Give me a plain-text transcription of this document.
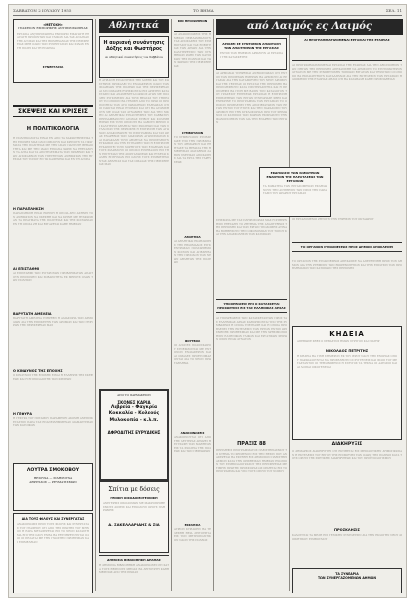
ΣΑΒΒΑΤΟΝ 2 ΙΟΥΛΙΟΥ 1955	ΤΟ ΒΗΜΑ	ΣΕΛ. 11
«ΜΕΤΟΧΗ»
ΓΡΑΦΕΙΟΝ ΕΜΠΟΡΙΚΗΣ ΑΝΤΙΠΡΟΣΩΠΕΙΑΣ
ΕΡΓΑΣΙΑ ΑΝΤΙΠΡΟΣΩΠΕΙΑ ΕΜΠΟΡΙΟ ΕΙΣΑΓΩΓΗ ΕΞΑΓΩΓΗ ΠΡΟΪΟΝΤΩΝ ΚΑΙ ΥΛΙΚΩΝ ΔΙΑ ΤΑΣ ΑΝΑΓΚΑΣ ΤΗΣ ΑΓΟΡΑΣ ΚΑΙ ΤΗΣ ΒΙΟΜΗΧΑΝΙΑΣ ΤΗΣ ΠΕΡΙΦΕΡΕΙΑΣ ΜΕΘ ΟΛΩΝ ΤΩΝ ΣΥΝΕΡΓΑΤΩΝ ΚΑΙ ΦΙΛΩΝ ΕΝ ΤΗ ΠΟΛΕΙ ΚΑΙ ΤΗ ΕΠΑΡΧΙΑ
ΣΥΝΕΡΓΑΣΙΑ
ΣΚΕΨΕΙΣ ΚΑΙ ΚΡΙΣΕΙΣ
Η ΠΟΛΙΤΙΚΟΛΟΓΙΑ
Η ΠΟΛΙΤΙΚΟΛΟΓΙΑ ΕΙΝΑΙ ΕΝ ΑΠΟ ΤΑ ΧΑΡΑΚΤΗΡΙΣΤΙΚΑ ΤΗΣ ΕΠΟΧΗΣ ΜΑΣ ΟΛΟΙ ΟΜΙΛΟΥΝ ΚΑΙ ΚΡΙΝΟΥΝ ΤΑ ΠΡΑΓΜΑΤΑ ΤΗΣ ΠΟΛΙΤΕΙΑΣ ΜΕ ΤΗΝ ΙΔΙΑΝ ΠΑΝΤΟΤΕ ΒΕΒΑΙΟΤΗΤΑ ΚΑΙ ΜΕ ΤΗΝ ΙΔΙΑΝ ΕΥΚΟΛΙΑ ΧΩΡΙΣ ΝΑ ΕΞΕΤΑΖΟΥΝ ΤΑ ΑΙΤΙΑ ΚΑΙ ΤΑ ΑΠΟΤΕΛΕΣΜΑΤΑ ΤΩΝ ΠΡΑΞΕΩΝ ΚΑΙ ΤΩΝ ΑΠΟΦΑΣΕΩΝ ΤΩΝ ΥΠΕΥΘΥΝΩΝ ΑΝΘΡΩΠΩΝ ΤΗΣ ΗΓΕΣΙΑΣ ΤΟΥ ΤΟΠΟΥ ΕΝ ΤΩ ΚΑΦΕΝΕΙΩ ΚΑΙ ΕΝ ΤΗ ΑΓΟΡΑ
Η ΠΑΡΑΠΛΗΚΣΗ
ΠΑΡΑΠΛΗΚΣΗ ΕΙΝΑΙ ΕΚΕΙΝΗ Η ΟΠΟΙΑ ΔΕΝ ΑΦΗΝΕΙ ΤΟΝ ΑΝΘΡΩΠΟΝ ΝΑ ΣΚΕΦΘΗ ΚΑΙ ΝΑ ΚΡΙΝΗ ΜΕ ΨΥΧΡΑΙΜΙΑΝ ΤΑ ΠΡΑΓΜΑΤΑ ΤΗΣ ΠΟΛΙΤΕΙΑΣ ΚΑΙ ΤΗΣ ΚΟΙΝΩΝΙΑΣ ΕΝ ΤΗ ΟΠΟΙΑ ΖΗ ΚΑΙ ΕΡΓΑΖΕΤΑΙ ΚΑΘΕ ΗΜΕΡΑΝ
ΑΙ ΕΠΙΣΤΑΘΜΙ
ΑΙ ΕΠΙΣΤΑΘΜΙ ΤΩΝ ΣΥΓΧΡΟΝΩΝ ΠΡΟΒΛΗΜΑΤΩΝ ΑΠΑΙΤΟΥΝ ΠΡΟΣΟΧΗΝ ΚΑΙ ΣΟΒΑΡΟΤΗΤΑ ΕΚ ΜΕΡΟΥΣ ΟΛΩΝ ΤΩΝ ΠΟΛΙΤΩΝ
ΒΑΡΥΤΑΤΗ ΑΜΕΛΕΙΑ
ΒΑΡΥΤΑΤΗ ΑΜΕΛΕΙΑ ΥΠΗΡΞΕΝ Η ΑΔΙΑΦΟΡΙΑ ΤΩΝ ΑΡΜΟΔΙΩΝ ΔΙΑ ΤΗΝ ΕΠΙΣΚΕΥΗΝ ΤΩΝ ΔΡΟΜΩΝ ΚΑΙ ΤΩΝ ΓΕΦΥΡΩΝ ΤΗΣ ΠΕΡΙΦΕΡΕΙΑΣ ΜΑΣ
Ο ΚΙΝΔΥΝΟΣ ΤΗΣ ΕΠΟΧΗΣ
Ο ΚΙΝΔΥΝΟΣ ΤΗΣ ΕΠΟΧΗΣ ΕΙΝΑΙ Η ΕΛΛΕΙΨΙΣ ΤΗΣ ΣΚΕΨΕΩΣ ΚΑΙ Η ΕΠΙΠΟΛΑΙΟΤΗΣ ΤΩΝ ΚΡΙΣΕΩΝ
Η ΓΕΦΥΡΑ
Η ΓΕΦΥΡΑ ΤΟΥ ΠΟΤΑΜΟΥ ΠΑΡΑΜΕΝΕΙ ΑΚΟΜΗ ΑΝΕΠΙΣΚΕΥΑΣΤΟΣ ΠΑΡΑ ΤΑΣ ΕΠΑΝΕΙΛΗΜΜΕΝΑΣ ΔΙΑΜΑΡΤΥΡΙΑΣ ΤΩΝ ΚΑΤΟΙΚΩΝ
ΛΟΥΤΡΑ ΣΜΟΚΟΒΟΥ
ΘΕΙΟΥΧΑ — ΣΙΔΗΡΟΥΧΑ
ΑΘΡΙΤΙΔΟΣ — ΡΕΥΜΑΤΙΣΜΩΝ
ΔΙΑ ΤΟΥΣ ΦΙΛΟΥΣ ΚΑΙ ΣΥΝΕΡΓΑΤΑΣ
ΑΝΑΚΟΙΝΩΣΙΣ ΠΡΟΣ ΤΟΥΣ ΦΙΛΟΥΣ ΚΑΙ ΣΥΝΕΡΓΑΤΑΣ ΤΟΥ ΓΡΑΦΕΙΟΥ ΟΤΙ ΑΠΟ ΤΗΣ ΠΡΩΤΗΣ ΤΟΥ ΜΗΝΟΣ Η ΕΔΡΑ ΜΕΤΑΦΕΡΕΤΑΙ ΕΙΣ ΤΟ ΝΕΟΝ ΚΑΤΑΣΤΗΜΑ ΕΠΙ ΤΗΣ ΟΔΟΥ ΕΝΘΑ ΘΑ ΕΞΥΠΗΡΕΤΟΥΝΤΑΙ ΟΛΟΙ ΟΙ ΠΕΛΑΤΑΙ ΜΕ ΤΗΝ ΓΝΩΣΤΗΝ ΠΡΟΘΥΜΙΑΝ ΚΑΙ ΕΠΙΜΕΛΕΙΑΝ
Αθλητικά
Η αυριανή συνάντησις Δόξης και Φωστήρος
Αι αθλητικαί συναντήσεις του Σαββάτου
Η ΑΥΡΙΑΝΗ ΣΥΝΑΝΤΗΣΙΣ ΤΗΣ ΔΟΞΗΣ ΚΑΙ ΤΟΥ ΦΩΣΤΗΡΟΣ ΠΡΟΚΑΛΕΙ ΤΟ ΕΝΔΙΑΦΕΡΟΝ ΟΛΩΝ ΤΩΝ ΦΙΛΑΘΛΩΝ ΤΗΣ ΠΟΛΕΩΣ ΚΑΙ ΤΗΣ ΠΕΡΙΦΕΡΕΙΑΣ ΑΙ ΔΥΟ ΟΜΑΔΕΣ ΕΥΡΙΣΚΟΝΤΑΙ ΕΙΣ ΑΡΙΣΤΗΝ ΚΑΤΑΣΤΑΣΙΝ ΚΑΙ ΑΝΑΜΕΝΕΤΑΙ ΩΡΑΙΟΣ ΑΓΩΝ ΜΕ ΠΟΛΛΗΝ ΣΥΓΚΙΝΗΣΙΝ ΔΙΑ ΤΟΥΣ ΘΕΑΤΑΣ ΤΟΥ ΓΗΠΕΔΟΥ ΤΟ ΟΠΟΙΟΝ ΘΑ ΓΕΜΙΣΗ ΑΠΟ ΤΟ ΠΡΩΙ ΟΙ ΠΡΟΠΟΝΗΤΑΙ ΤΩΝ ΔΥΟ ΣΩΜΑΤΕΙΩΝ ΕΔΗΛΩΣΑΝ ΟΤΙ ΟΙ ΠΑΙΚΤΑΙ ΕΙΝΑΙ ΕΤΟΙΜΟΙ ΚΑΙ ΟΤΙ ΘΑ ΑΓΩΝΙΣΘΟΥΝ ΜΕ ΟΛΑΣ ΤΑΣ ΔΥΝΑΜΕΙΣ ΤΩΝ ΔΙΑ ΤΗΝ ΝΙΚΗΝ ΑΙ ΑΘΛΗΤΙΚΑΙ ΣΥΝΑΝΤΗΣΕΙΣ ΤΟΥ ΣΑΒΒΑΤΟΥ ΠΕΡΙΛΑΜΒΑΝΟΥΝ ΑΓΩΝΑΣ ΣΤΙΒΟΥ ΚΑΙ ΚΟΛΥΜΒΗΣΕΩΣ ΕΙΣ ΤΟΥΣ ΟΠΟΙΟΥΣ ΘΑ ΛΑΒΟΥΝ ΜΕΡΟΣ ΟΙ ΚΑΛΥΤΕΡΟΙ ΑΘΛΗΤΑΙ ΤΩΝ ΣΧΟΛΕΙΩΝ ΚΑΙ ΤΩΝ ΣΥΛΛΟΓΩΝ ΤΗΣ ΠΕΡΙΟΧΗΣ Η ΕΠΙΤΡΟΠΗ ΤΩΝ ΑΓΩΝΩΝ ΑΝΑΚΟΙΝΩΝΕΙ ΤΟ ΠΡΟΓΡΑΜΜΑ ΚΑΙ ΤΑΣ ΩΡΑΣ ΕΝΑΡΞΕΩΣ ΤΩΝ ΔΙΑΦΟΡΩΝ ΑΓΩΝΙΣΜΑΤΩΝ ΚΑΙ ΠΑΡΑΚΑΛΕΙ ΤΟΥΣ ΑΘΛΗΤΑΣ ΝΑ ΠΡΟΣΕΛΘΟΥΝ ΕΓΚΑΙΡΩΣ ΔΙΑ ΤΗΝ ΕΓΓΡΑΦΗΝ ΤΩΝ Η ΕΠΙΤΡΟΠΗ ΕΥΧΑΡΙΣΤΕΙ ΤΟΥΣ ΧΟΡΗΓΟΥΣ ΤΩΝ ΕΠΑΘΛΩΝ ΚΑΙ ΤΟΥΣ ΦΙΛΑΘΛΟΥΣ ΟΙ ΟΠΟΙΟΙ ΣΥΝΕΒΑΛΟΝ ΕΙΣ ΤΗΝ ΕΠΙΤΥΧΙΑΝ ΤΗΣ ΔΙΟΡΓΑΝΩΣΕΩΣ ΚΑΙ ΕΥΧΕΤΑΙ ΚΑΛΗΝ ΕΠΙΤΥΧΙΑΝ ΕΙΣ ΟΛΟΥΣ ΤΟΥΣ ΣΥΜΜΕΤΕΧΟΝΤΑΣ ΑΘΛΗΤΑΣ ΚΑΙ ΤΑΣ ΟΜΑΔΑΣ ΤΗΣ ΠΕΡΙΦΕΡΕΙΑΣ ΜΑΣ
ΑΠΟ ΤΟ ΦΑΡΜΑΚΕΙΟΝ
ΣΚΟΝΕΣ ΚΑΡΙΑ
Λιβρεία - Φαγκρία
Κοκκαλία - Κολεούς
Μυλοκοπία - κ.λ.π.
ΑΦΡΟΔΙΤΗΣ ΕΥΡΥΔΙΚΗΣ
Σπίτια με δόσεις
ΓΕΝΙΚΗ ΟΙΚΟΔΟΜΟΤΕΧΝΙΚΗ
ΑΝΕΓΕΡΣΙΣ ΟΙΚΟΔΟΜΩΝ ΜΕ ΜΑΚΡΟΠΡΟΘΕΣΜΟΥΣ ΔΟΣΕΙΣ ΚΑΙ ΕΥΚΟΛΟΥΣ ΟΡΟΥΣ ΠΛΗΡΩΜΗΣ
Δ. ΣΑΚΕΛΛΑΡΙΔΗΣ & ΣΙΑ
ΔΗΜΟΣΙΑ ΒΙΒΛΙΟΘΗΚΗ ΔΡΑΜΑΣ
Η ΔΗΜΟΣΙΑ ΒΙΒΛΙΟΘΗΚΗ ΑΝΑΚΟΙΝΩΝΕΙ ΟΤΙ ΚΑΤΑ ΤΟΥΣ ΘΕΡΙΝΟΥΣ ΜΗΝΑΣ ΘΑ ΛΕΙΤΟΥΡΓΗ ΚΑΘΗΜΕΡΙΝΩΣ ΑΠΟ ΤΗΣ ΠΡΩΙΑΣ
ΚΙΝ ΠΡΟΣΩΠΕΙΟΝ
ΑΙ ΑΝΑΚΟΙΝΩΣΕΙΣ ΤΗΣ ΗΜΕΡΑΣ ΠΕΡΙΛΑΜΒΑΝΟΥΝ ΤΑΣ ΑΠΟΦΑΣΕΙΣ ΤΟΥ ΣΥΜΒΟΥΛΙΟΥ ΚΑΙ ΤΑΣ ΕΝΕΡΓΕΙΑΣ ΤΩΝ ΑΡΧΩΝ ΔΙΑ ΤΗΝ ΚΑΛΥΤΕΡΕΥΣΙΝ ΤΩΝ ΣΥΝΘΗΚΩΝ ΖΩΗΣ ΤΩΝ ΚΑΤΟΙΚΩΝ ΤΗΣ ΠΟΛΕΩΣ ΚΑΙ ΤΩΝ ΧΩΡΙΩΝ ΤΗΣ ΠΕΡΙΦΕΡΕΙΑΣ
ΣΥΜΒΟΥΛΙΟΝ
ΤΟ ΣΥΜΒΟΥΛΙΟΝ ΣΥΝΕΔΡΙΑΣΕ ΥΠΟ ΤΗΝ ΠΡΟΕΔΡΙΑΝ ΤΟΥ ΔΗΜΑΡΧΟΥ ΚΑΙ ΕΞΗΤΑΣΕ ΤΑ ΘΕΜΑΤΑ ΤΗΣ ΗΜΕΡΗΣΙΑΣ ΔΙΑΤΑΞΕΩΣ ΛΑΒΟΝ ΣΧΕΤΙΚΑΣ ΑΠΟΦΑΣΕΙΣ ΔΙΑ ΤΑ ΕΡΓΑ ΤΗΣ ΥΔΡΕΥΣΕΩΣ
ΑΘΛΗΤΙΚΑ
ΑΙ ΑΘΛΗΤΙΚΑΙ ΕΚΔΗΛΩΣΕΙΣ ΤΗΣ ΕΒΔΟΜΑΔΟΣ ΣΥΓΚΕΝΤΡΩΣΑΝ ΠΟΛΥΑΡΙΘΜΟΝ ΚΟΙΝΟΝ ΚΑΙ ΑΠΕΔΕΙΞΑΝ ΤΗΝ ΠΡΟΟΔΟΝ ΤΩΝ ΝΕΩΝ ΑΘΛΗΤΩΝ ΤΗΣ ΠΟΛΕΩΣ
ΦΟΥΤΒΟΛ
ΟΙ ΑΓΩΝΕΣ ΠΟΔΟΣΦΑΙΡΟΥ ΣΥΝΕΧΙΖΟΝΤΑΙ ΜΕ ΕΝΤΟΝΟΝ ΕΝΔΙΑΦΕΡΟΝ ΚΑΙ ΑΙ ΟΜΑΔΕΣ ΠΡΟΕΤΟΙΜΑΖΟΝΤΑΙ ΔΙΑ ΤΟ ΝΕΟΝ ΠΡΩΤΑΘΛΗΜΑ
ΑΝΑΚΟΙΝΩΣΕΙΣ
ΑΝΑΚΟΙΝΟΥΤΑΙ ΟΤΙ ΑΠΟ ΤΗΣ ΔΕΥΤΕΡΑΣ ΑΡΧΙΖΕΙ Η ΕΓΓΡΑΦΗ ΤΩΝ ΜΑΘΗΤΩΝ ΕΙΣ ΤΑ ΣΧΟΛΕΙΑ ΤΗΣ ΠΟΛΕΩΣ ΚΑΙ ΤΩΝ ΠΕΡΙΧΩΡΩΝ
ΕΚΚΛΗΣΙΑ
ΑΥΡΙΟΝ ΚΥΡΙΑΚΗΝ ΘΑ ΤΕΛΕΣΘΗ ΘΕΙΑ ΛΕΙΤΟΥΡΓΙΑ ΕΙΣ ΤΟΝ ΜΗΤΡΟΠΟΛΙΤΙΚΟΝ ΝΑΟΝ ΤΗΣ ΠΟΛΕΩΣ
από Λαιμός ες Λαιμός
ΑΡΧΙΖΕΙ ΣΕ ΣΥΝΤΟΜΟΝ ΑΠΑΝΤΑΣΗ ΤΩΝ ΑΠΑΙΤΗΣΕΩΝ ΤΗΣ ΕΡΓΑΣΙΑΣ
ΕΝΤΟΣ ΤΩΝ ΗΜΕΡΩΝ ΑΡΧΙΖΟΥΝ ΑΙ ΕΡΓΑΣΙΑΙ ΤΗΣ ΚΑΤΑΣΚΕΥΗΣ
ΑΙ ΑΡΜΟΔΙΑΙ ΥΠΗΡΕΣΙΑΙ ΑΝΕΚΟΙΝΩΣΑΝ ΟΤΙ ΕΝΤΟΣ ΤΩΝ ΠΡΟΣΕΧΩΝ ΗΜΕΡΩΝ ΘΑ ΑΡΧΙΣΟΥΝ ΑΙ ΕΡΓΑΣΙΑΙ ΔΙΑ ΤΗΝ ΚΑΤΑΣΚΕΥΗΝ ΤΟΥ ΝΕΟΥ ΔΡΟΜΟΥ ΚΑΙ ΤΗΣ ΓΕΦΥΡΑΣ ΟΙ ΕΡΓΑΤΑΙ ΤΗΣ ΠΕΡΙΟΧΗΣ ΘΑ ΠΡΟΣΛΗΦΘΟΥΝ ΚΑΤΑ ΠΡΟΤΕΡΑΙΟΤΗΤΑ ΚΑΙ Η ΠΡΟΣΛΗΨΙΣ ΘΑ ΓΙΝΗ ΜΕ ΒΑΣΙΝ ΤΟΝ ΚΑΤΑΛΟΓΟΝ ΤΟΥ ΓΡΑΦΕΙΟΥ ΕΥΡΕΣΕΩΣ ΕΡΓΑΣΙΑΣ Η ΕΠΙΤΡΟΠΗ ΕΠΙΒΛΕΨΕΩΣ ΤΩΝ ΕΡΓΩΝ ΣΥΝΕΔΡΙΑΣΕ ΧΘΕΣ ΚΑΙ ΕΝΕΚΡΙΝΕ ΤΟ ΠΡΟΓΡΑΜΜΑ ΤΩΝ ΕΡΓΑΣΙΩΝ ΤΟ ΟΠΟΙΟΝ ΠΡΟΒΛΕΠΕΙ ΤΗΝ ΑΠΟΠΕΡΑΤΩΣΙΝ ΤΩΝ ΕΡΓΩΝ ΕΝΤΟΣ ΤΟΥ ΕΤΟΥΣ ΚΑΙ ΤΗΝ ΠΑΡΑΔΟΣΙΝ ΤΟΥ ΔΡΟΜΟΥ ΕΙΣ ΤΗΝ ΚΥΚΛΟΦΟΡΙΑΝ ΠΡΟ ΤΟΥ ΧΕΙΜΩΝΟΣ ΟΙ ΚΑΤΟΙΚΟΙ ΤΩΝ ΧΩΡΙΩΝ ΕΚΦΡΑΖΟΥΝ ΤΗΝ ΙΚΑΝΟΠΟΙΗΣΙΝ ΤΩΝ ΔΙΑ ΤΗΝ ΕΝΑΡΞΙΝ ΤΩΝ ΕΡΓΩΝ
ΕΚΔΗΛΩΣΙΣ ΤΩΝ ΣΩΜΑΤΕΙΩΝ ΕΝΑΝΤΙΟΝ ΤΗΣ ΠΑΡΑΤΑΣΕΩΣ ΤΩΝ ΕΡΓΑΣΙΩΝ
ΤΑ ΣΩΜΑΤΕΙΑ ΤΩΝ ΕΡΓΑΖΟΜΕΝΩΝ ΕΚΔΗΛΩΝΟΥΝ ΤΗΝ ΑΝΤΙΘΕΣΙΝ ΤΩΝ ΠΡΟΣ ΤΗΝ ΠΑΡΑΤΑΣΙΝ ΤΟΥ ΩΡΑΡΙΟΥ ΕΡΓΑΣΙΑΣ
ΣΥΜΦΩΝΑ ΜΕ ΤΑΣ ΠΛΗΡΟΦΟΡΙΑΣ ΜΑΣ Η ΚΥΒΕΡΝΗΣΙΣ ΕΞΕΤΑΖΕΙ ΤΟ ΖΗΤΗΜΑ ΤΗΣ ΑΝΑΠΤΥΞΕΩΣ ΤΗΣ ΠΕΡΙΟΧΗΣ ΚΑΙ ΤΩΝ ΕΡΓΩΝ ΥΠΟΔΟΜΗΣ ΑΤΙΝΑ ΘΑ ΒΟΗΘΗΣΟΥΝ ΤΗΝ ΟΙΚΟΝΟΜΙΑΝ ΤΟΥ ΤΟΠΟΥ ΚΑΙ ΤΗΝ ΑΠΑΣΧΟΛΗΣΙΝ ΤΩΝ ΚΑΤΟΙΚΩΝ
ΥΠΟΧΡΕΩΣΕΙΣ ΕΠΙ Ο ΚΑΤΑΣΚΕΥΑΙ ΠΡΟΧΩΡΗΣΙΣ ΕΙΣ ΤΑΣ ΕΛΛΗΝΙΚΑΣ ΑΡΧΑΣ
ΑΙ ΥΠΟΧΡΕΩΣΕΙΣ ΤΩΝ ΚΑΤΑΣΚΕΥΑΣΤΩΝ ΠΡΟΣ ΤΑΣ ΕΛΛΗΝΙΚΑΣ ΑΡΧΑΣ ΚΑΘΟΡΙΖΟΝΤΑΙ ΥΠΟ ΤΗΣ ΣΥΜΒΑΣΕΩΣ Η ΟΠΟΙΑ ΥΠΕΓΡΑΦΗ ΚΑΙ Η ΟΠΟΙΑ ΠΡΟΒΛΕΠΕΙ ΤΗΝ ΕΚΤΕΛΕΣΙΝ ΤΩΝ ΕΡΓΩΝ ΕΝΤΟΣ ΩΡΙΣΜΕΝΗΣ ΠΡΟΘΕΣΜΙΑΣ ΚΑΙ ΜΕ ΤΗΝ ΧΡΗΣΙΜΟΠΟΙΗΣΙΝ ΕΛΛΗΝΙΚΩΝ ΥΛΙΚΩΝ ΚΑΙ ΕΡΓΑΤΙΚΩΝ ΧΕΙΡΩΝ ΟΣΟΝ ΕΙΝΑΙ ΔΥΝΑΤΟΝ
ΠΡΑΞΙΣ 88
ΠΕΡΙΛΗΨΙΣ ΠΡΟΓΡΑΜΜΑΤΟΣ ΠΛΕΙΣΤΗΡΙΑΣΜΟΥ ΤΟ ΚΤΗΜΑ ΤΟ ΚΕΙΜΕΝΟΝ ΕΙΣ ΤΗΝ ΘΕΣΙΝ ΠΟΥ ΑΝΑΦΕΡΕΤΑΙ ΘΑ ΕΚΤΕΘΗ ΕΙΣ ΔΗΜΟΣΙΟΝ ΠΛΕΙΣΤΗΡΙΑΣΜΟΝ ΚΑΤΑ ΤΗΝ ΟΡΙΣΘΕΙΣΑΝ ΗΜΕΡΑΝ ΕΝΩΠΙΟΝ ΤΟΥ ΣΥΜΒΟΛΑΙΟΓΡΑΦΟΥ ΤΗΣ ΠΕΡΙΦΕΡΕΙΑΣ ΜΕ ΤΙΜΗΝ ΠΡΩΤΗΣ ΠΡΟΣΦΟΡΑΣ ΩΣ ΟΡΙΖΕΤΑΙ ΕΙΣ ΤΟ ΠΡΟΓΡΑΜΜΑ ΚΑΙ ΥΠΟ ΤΟΥΣ ΟΡΟΥΣ ΤΟΥ ΝΟΜΟΥ
ΑΙ ΠΡΟΓΡΑΜΜΑΤΙΖΟΜΕΝΑΙ ΕΡΓΑΣΙΑΙ ΤΗΣ ΕΤΑΙΡΙΑΣ
ΑΙ ΠΡΟΓΡΑΜΜΑΤΙΖΟΜΕΝΑΙ ΕΡΓΑΣΙΑΙ ΤΗΣ ΕΤΑΙΡΙΑΣ ΔΙΑ ΤΗΝ ΑΞΙΟΠΟΙΗΣΙΝ ΤΩΝ ΠΗΓΩΝ ΤΗΣ ΠΕΡΙΟΧΗΣ ΑΠΕΦΑΣΙΣΘΗ ΝΑ ΑΡΧΙΣΟΥΝ ΤΟ ΣΥΝΤΟΜΩΤΕΡΟΝ ΔΥΝΑΤΟΝ ΜΕ ΤΗΝ ΣΥΜΜΕΤΟΧΗΝ ΤΟΠΙΚΩΝ ΕΡΓΑΤΩΝ ΚΑΙ ΤΕΧΝΙΤΩΝ ΟΙ ΟΠΟΙΟΙ ΘΑ ΕΚΠΑΙΔΕΥΘΟΥΝ ΚΑΤΑΛΛΗΛΩΣ ΔΙΑ ΤΗΝ ΕΚΤΕΛΕΣΙΝ ΤΩΝ ΕΡΓΑΣΙΩΝ Η ΔΙΟΙΚΗΣΙΣ ΤΗΣ ΕΤΑΙΡΙΑΣ ΔΗΛΟΙ ΟΤΙ ΘΑ ΚΑΤΑΒΑΛΗ ΚΑΘΕ ΠΡΟΣΠΑΘΕΙΑΝ
ΟΙ ΕΡΓΑΖΟΜΕΝΟΙ ΖΗΤΟΥΝ ΤΗΝ ΤΗΡΗΣΙΝ ΤΟΥ ΟΚΤΑΩΡΟΥ
ΤΟ ΟΡΓΑΝΟΝ ΣΥΝΑΙΝΕΣΕΩΣ ΠΡΟΣ ΔΗΜΟΝ ΑΠΟΚΛΕΙΣΕΙ
ΤΟ ΟΡΓΑΝΟΝ ΤΗΣ ΣΥΝΑΙΝΕΣΕΩΣ ΑΠΕΦΑΣΙΣΕ ΝΑ ΑΠΕΥΘΥΝΘΗ ΠΡΟΣ ΤΟΝ ΔΗΜΟΝ ΔΙΑ ΤΗΝ ΡΥΘΜΙΣΙΝ ΤΩΝ ΕΚΚΡΕΜΟΤΗΤΩΝ ΚΑΙ ΤΗΝ ΕΠΙΛΥΣΙΝ ΤΩΝ ΠΡΟΒΛΗΜΑΤΩΝ ΤΩΝ ΚΑΤΟΙΚΩΝ ΤΗΣ ΠΕΡΙΟΧΗΣ
ΚΗΔΕΙΑ
ΑΠΕΒΙΩΣΕ ΧΘΕΣ Ο ΣΕΒΑΣΤΟΣ ΗΜΩΝ ΣΥΖΥΓΟΣ ΚΑΙ ΠΑΤΗΡ
ΝΙΚΟΛΑΟΣ ΠΕΤΡΙΤΗΣ
Η ΚΗΔΕΙΑ ΘΑ ΓΙΝΗ ΣΗΜΕΡΟΝ ΕΚ ΤΟΥ ΙΕΡΟΥ ΝΑΟΥ ΤΗΣ ΕΝΟΡΙΑΣ ΟΠΟΥ ΠΑΡΑΚΑΛΟΥΝΤΑΙ ΝΑ ΠΡΟΣΕΛΘΟΥΝ ΟΙ ΣΥΓΓΕΝΕΙΣ ΚΑΙ ΦΙΛΟΙ ΤΟΥ ΜΕΤΑΣΤΑΝΤΟΣ ΟΙ ΤΕΘΛΙΜΜΕΝΟΙ Η ΣΥΖΥΓΟΣ ΤΑ ΤΕΚΝΑ ΟΙ ΑΔΕΛΦΟΙ ΚΑΙ ΑΙ ΛΟΙΠΑΙ ΟΙΚΟΓΕΝΕΙΑΙ
ΔΙΑΚΗΡΥΞΙΣ
Ο ΔΗΜΑΡΧΟΣ ΔΙΑΚΗΡΥΤΤΕΙ ΟΤΙ ΕΚΤΙΘΕΤΑΙ ΕΙΣ ΜΕΙΟΔΟΤΙΚΗΝ ΔΗΜΟΠΡΑΣΙΑΝ Η ΕΚΤΕΛΕΣΙΣ ΤΟΥ ΕΡΓΟΥ ΤΗΣ ΕΠΙΣΚΕΥΗΣ ΤΩΝ ΟΔΩΝ ΤΗΣ ΠΟΛΕΩΣ ΚΑΤΑ ΤΟΥΣ ΟΡΟΥΣ ΤΗΣ ΣΧΕΤΙΚΗΣ ΔΙΑΚΗΡΥΞΕΩΣ ΚΑΙ ΤΟΥ ΠΡΟΫΠΟΛΟΓΙΣΜΟΥ
ΠΡΟΣΚΛΗΣΙΣ
ΚΑΛΟΥΝΤΑΙ ΤΑ ΜΕΛΗ ΕΙΣ ΓΕΝΙΚΗΝ ΣΥΝΕΛΕΥΣΙΝ ΔΙΑ ΤΗΝ ΕΚΛΟΓΗΝ ΝΕΟΥ ΔΙΟΙΚΗΤΙΚΟΥ ΣΥΜΒΟΥΛΙΟΥ
ΤΑ ΣΥΝΕΔΡΙΑ
ΤΩΝ ΣΥΝΕΡΓΑΖΟΜΕΝΩΝ ΔΗΜΩΝ
